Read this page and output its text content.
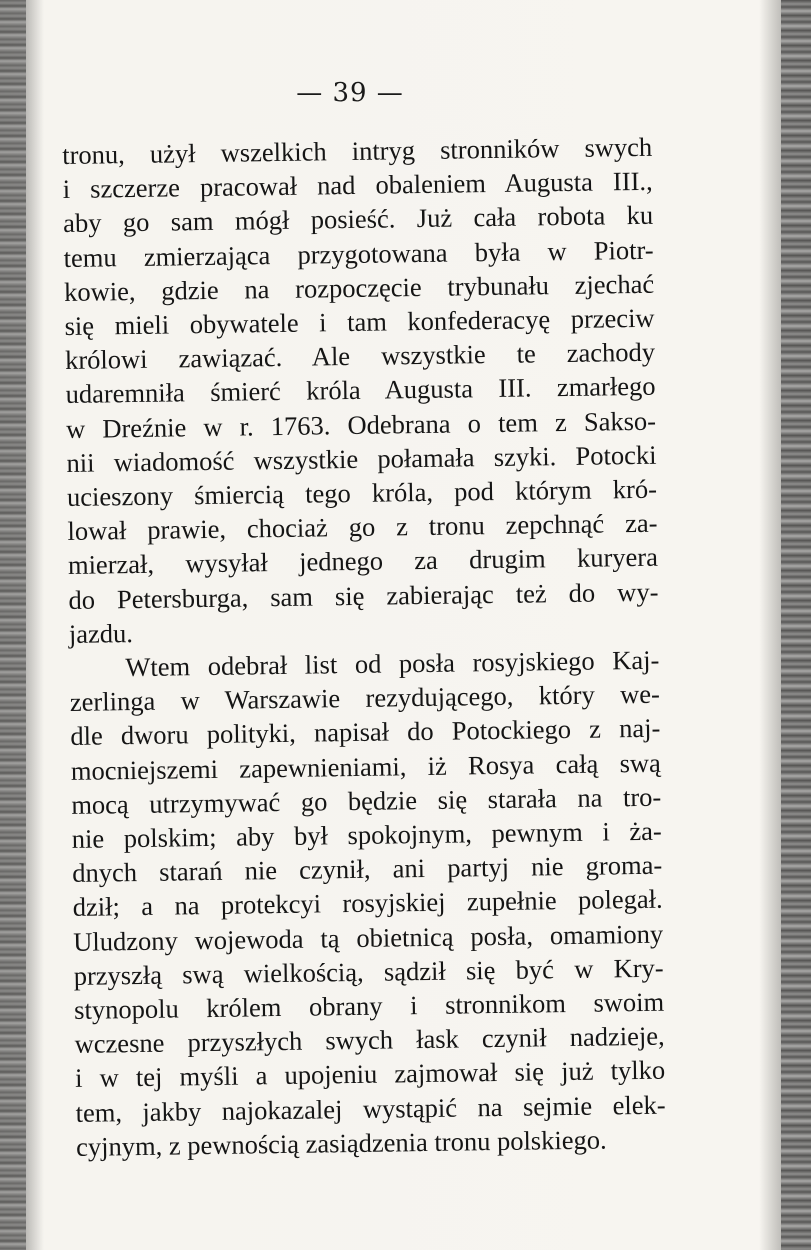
— 39 —
tronu, użył wszelkich intryg stronników swych
i szczerze pracował nad obaleniem Augusta III.,
aby go sam mógł posieść. Już cała robota ku
temu zmierzająca przygotowana była w Piotr-
kowie, gdzie na rozpoczęcie trybunału zjechać
się mieli obywatele i tam konfederacyę przeciw
królowi zawiązać. Ale wszystkie te zachody
udaremniła śmierć króla Augusta III. zmarłego
w Dreźnie w r. 1763. Odebrana o tem z Sakso-
nii wiadomość wszystkie połamała szyki. Potocki
ucieszony śmiercią tego króla, pod którym kró-
lował prawie, chociaż go z tronu zepchnąć za-
mierzał, wysyłał jednego za drugim kuryera
do Petersburga, sam się zabierając też do wy-
jazdu.
Wtem odebrał list od posła rosyjskiego Kaj-
zerlinga w Warszawie rezydującego, który we-
dle dworu polityki, napisał do Potockiego z naj-
mocniejszemi zapewnieniami, iż Rosya całą swą
mocą utrzymywać go będzie się starała na tro-
nie polskim; aby był spokojnym, pewnym i ża-
dnych starań nie czynił, ani partyj nie groma-
dził; a na protekcyi rosyjskiej zupełnie polegał.
Uludzony wojewoda tą obietnicą posła, omamiony
przyszłą swą wielkością, sądził się być w Kry-
stynopolu królem obrany i stronnikom swoim
wczesne przyszłych swych łask czynił nadzieje,
i w tej myśli a upojeniu zajmował się już tylko
tem, jakby najokazalej wystąpić na sejmie elek-
cyjnym, z pewnością zasiądzenia tronu polskiego.
